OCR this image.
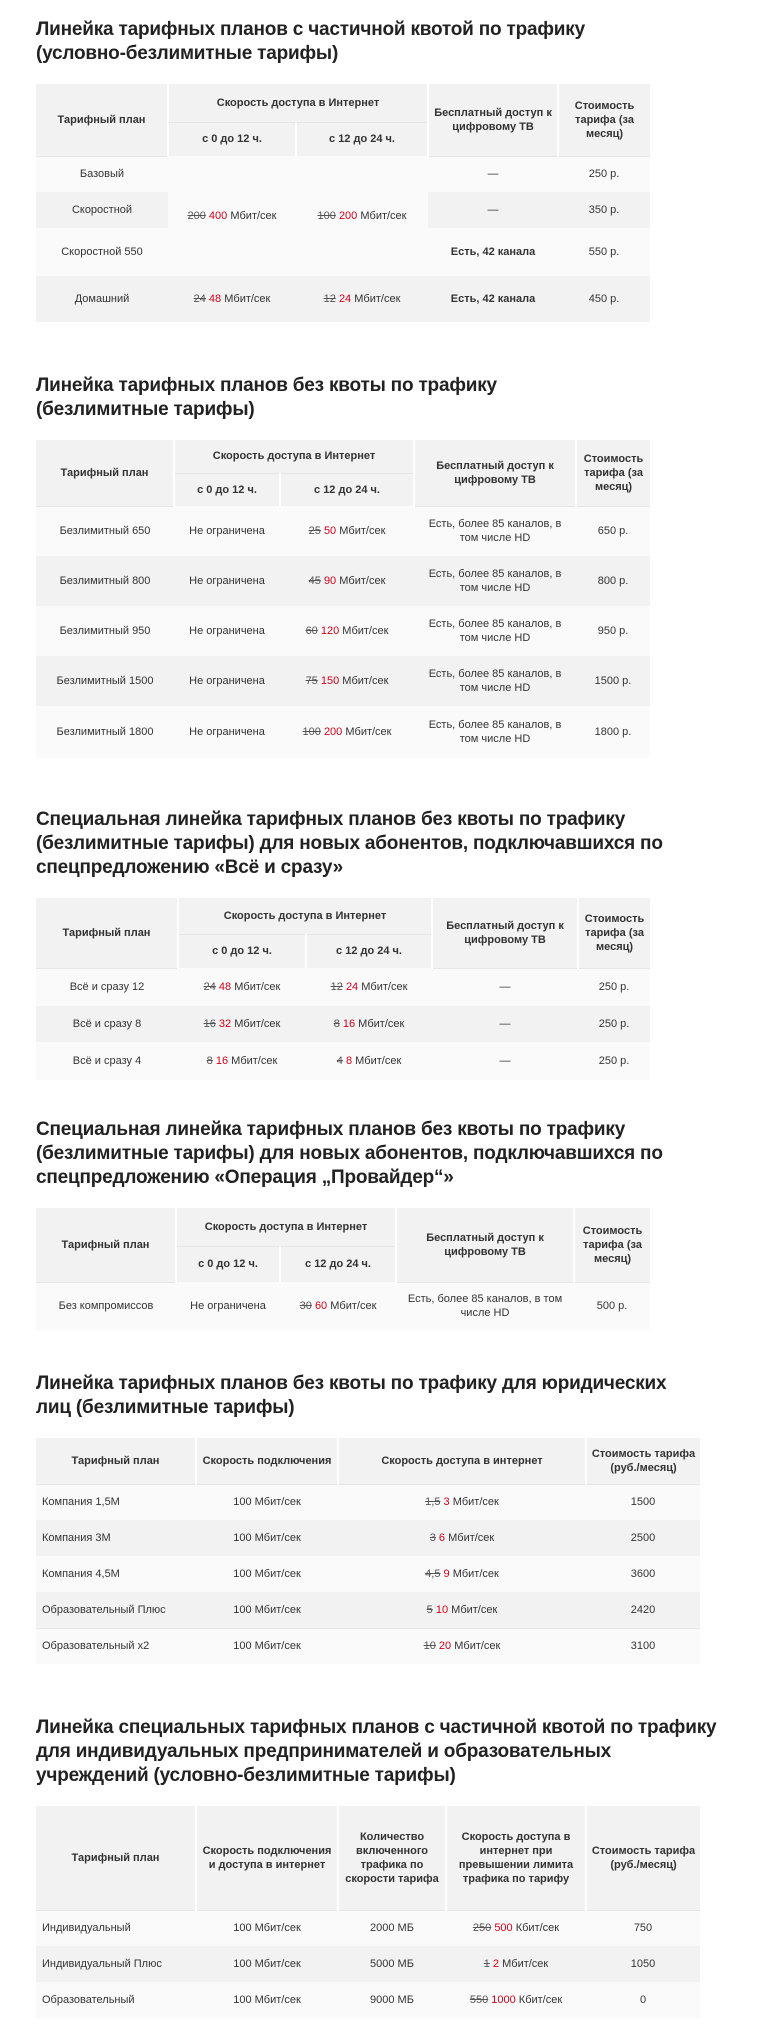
Линейка тарифных планов с частичной квотой по трафику (условно-безлимитные тарифы)
Тарифный план	Скорость доступа в Интернет		Бесплатный доступ к цифровому ТВ	Стоимость тарифа (за месяц)
	с 0 до 12 ч.	с 12 до 24 ч.		
Базовый	200 400 Мбит/сек	100 200 Мбит/сек	—	250 р.
Скоростной			—	350 р.
Скоростной 550			Есть, 42 канала	550 р.
Домашний	24 48 Мбит/сек	12 24 Мбит/сек	Есть, 42 канала	450 р.
Линейка тарифных планов без квоты по трафику (безлимитные тарифы)
Тарифный план	Скорость доступа в Интернет		Бесплатный доступ к цифровому ТВ	Стоимость тарифа (за месяц)
	с 0 до 12 ч.	с 12 до 24 ч.		
Безлимитный 650	Не ограничена	25 50 Мбит/сек	Есть, более 85 каналов, в том числе HD	650 р.
Безлимитный 800	Не ограничена	45 90 Мбит/сек	Есть, более 85 каналов, в том числе HD	800 р.
Безлимитный 950	Не ограничена	60 120 Мбит/сек	Есть, более 85 каналов, в том числе HD	950 р.
Безлимитный 1500	Не ограничена	75 150 Мбит/сек	Есть, более 85 каналов, в том числе HD	1500 р.
Безлимитный 1800	Не ограничена	100 200 Мбит/сек	Есть, более 85 каналов, в том числе HD	1800 р.
Специальная линейка тарифных планов без квоты по трафику (безлимитные тарифы) для новых абонентов, подключавшихся по спецпредложению «Всё и сразу»
Тарифный план	Скорость доступа в Интернет		Бесплатный доступ к цифровому ТВ	Стоимость тарифа (за месяц)
	с 0 до 12 ч.	с 12 до 24 ч.		
Всё и сразу 12	24 48 Мбит/сек	12 24 Мбит/сек	—	250 р.
Всё и сразу 8	16 32 Мбит/сек	8 16 Мбит/сек	—	250 р.
Всё и сразу 4	8 16 Мбит/сек	4 8 Мбит/сек	—	250 р.
Специальная линейка тарифных планов без квоты по трафику (безлимитные тарифы) для новых абонентов, подключавшихся по спецпредложению «Операция „Провайдер“»
Тарифный план	Скорость доступа в Интернет		Бесплатный доступ к цифровому ТВ	Стоимость тарифа (за месяц)
	с 0 до 12 ч.	с 12 до 24 ч.		
Без компромиссов	Не ограничена	30 60 Мбит/сек	Есть, более 85 каналов, в том числе HD	500 р.
Линейка тарифных планов без квоты по трафику для юридических лиц (безлимитные тарифы)
Тарифный план	Скорость подключения	Скорость доступа в интернет	Стоимость тарифа (руб./месяц)
Компания 1,5М	100 Мбит/сек	1,5 3 Мбит/сек	1500
Компания 3М	100 Мбит/сек	3 6 Мбит/сек	2500
Компания 4,5М	100 Мбит/сек	4,5 9 Мбит/сек	3600
Образовательный Плюс	100 Мбит/сек	5 10 Мбит/сек	2420
Образовательный x2	100 Мбит/сек	10 20 Мбит/сек	3100
Линейка специальных тарифных планов с частичной квотой по трафику для индивидуальных предпринимателей и образовательных учреждений (условно-безлимитные тарифы)
Тарифный план	Скорость подключения и доступа в интернет	Количество включенного трафика по скорости тарифа	Скорость доступа в интернет при превышении лимита трафика по тарифу	Стоимость тарифа (руб./месяц)
Индивидуальный	100 Мбит/сек	2000 МБ	250 500 Кбит/сек	750
Индивидуальный Плюс	100 Мбит/сек	5000 МБ	1 2 Мбит/сек	1050
Образовательный	100 Мбит/сек	9000 МБ	550 1000 Кбит/сек	0
